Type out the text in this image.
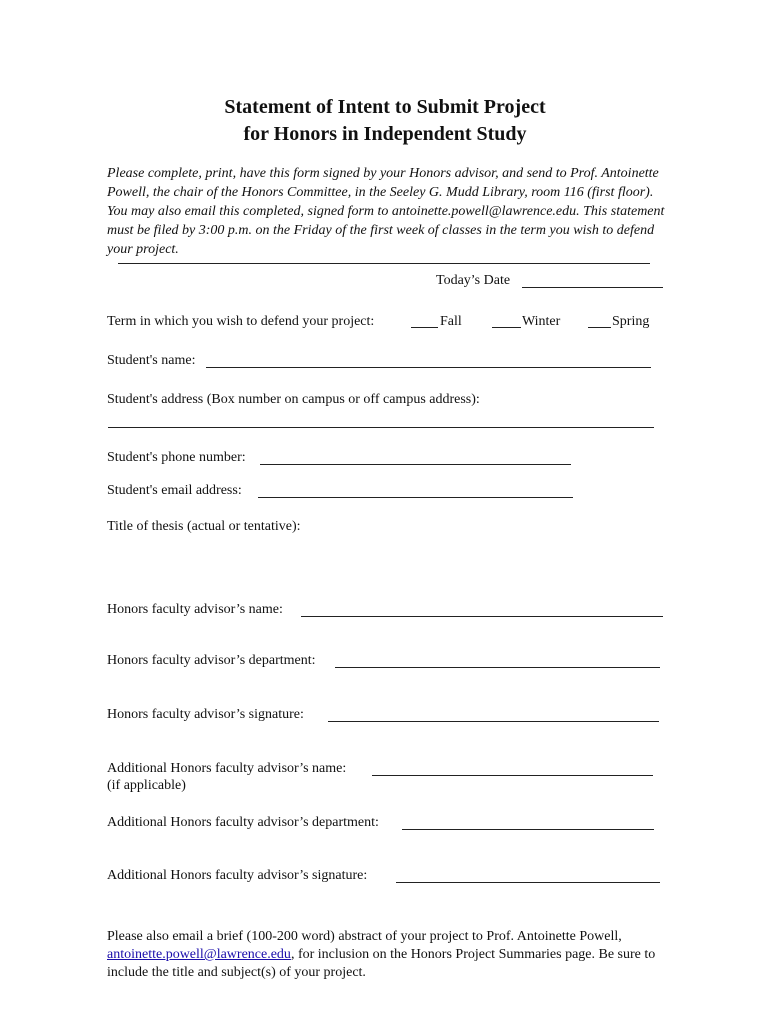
Statement of Intent to Submit Project
for Honors in Independent Study
Please complete, print, have this form signed by your Honors advisor, and send to Prof. Antoinette Powell, the chair of the Honors Committee, in the Seeley G. Mudd Library, room 116 (first floor). You may also email this completed, signed form to antoinette.powell@lawrence.edu. This statement must be filed by 3:00 p.m. on the Friday of the first week of classes in the term you wish to defend your project.
Today’s Date
Term in which you wish to defend your project:	Fall	Winter	Spring
Student's name:
Student's address (Box number on campus or off campus address):
Student's phone number:
Student's email address:
Title of thesis (actual or tentative):
Honors faculty advisor’s name:
Honors faculty advisor’s department:
Honors faculty advisor’s signature:
Additional Honors faculty advisor’s name:
(if applicable)
Additional Honors faculty advisor’s department:
Additional Honors faculty advisor’s signature:
Please also email a brief (100-200 word) abstract of your project to Prof. Antoinette Powell, antoinette.powell@lawrence.edu, for inclusion on the Honors Project Summaries page. Be sure to include the title and subject(s) of your project.
